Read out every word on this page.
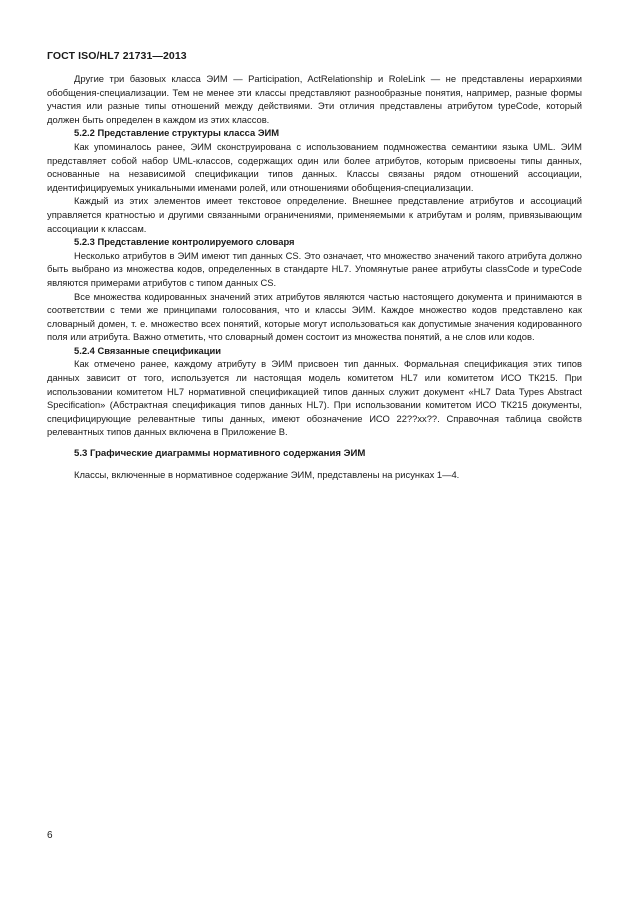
ГОСТ ISO/HL7 21731—2013

Другие три базовых класса ЭИМ — Participation, ActRelationship и RoleLink — не представлены иерархиями обобщения-специализации. Тем не менее эти классы представляют разнообразные понятия, например, разные формы участия или разные типы отношений между действиями. Эти отличия представлены атрибутом typeCode, который должен быть определен в каждом из этих классов.

5.2.2 Представление структуры класса ЭИМ

Как упоминалось ранее, ЭИМ сконструирована с использованием подмножества семантики языка UML. ЭИМ представляет собой набор UML-классов, содержащих один или более атрибутов, которым присвоены типы данных, основанные на независимой спецификации типов данных. Классы связаны рядом отношений ассоциации, идентифицируемых уникальными именами ролей, или отношениями обобщения-специализации.

Каждый из этих элементов имеет текстовое определение. Внешнее представление атрибутов и ассоциаций управляется кратностью и другими связанными ограничениями, применяемыми к атрибутам и ролям, привязывающим ассоциации к классам.

5.2.3 Представление контролируемого словаря

Несколько атрибутов в ЭИМ имеют тип данных CS. Это означает, что множество значений такого атрибута должно быть выбрано из множества кодов, определенных в стандарте HL7. Упомянутые ранее атрибуты classCode и typeCode являются примерами атрибутов с типом данных CS.

Все множества кодированных значений этих атрибутов являются частью настоящего документа и принимаются в соответствии с теми же принципами голосования, что и классы ЭИМ. Каждое множество кодов представлено как словарный домен, т. е. множество всех понятий, которые могут использоваться как допустимые значения кодированного поля или атрибута. Важно отметить, что словарный домен состоит из множества понятий, а не слов или кодов.

5.2.4 Связанные спецификации

Как отмечено ранее, каждому атрибуту в ЭИМ присвоен тип данных. Формальная спецификация этих типов данных зависит от того, используется ли настоящая модель комитетом HL7 или комитетом ИСО ТК215. При использовании комитетом HL7 нормативной спецификацией типов данных служит документ «HL7 Data Types Abstract Specification» (Абстрактная спецификация типов данных HL7). При использовании комитетом ИСО ТК215 документы, специфицирующие релевантные типы данных, имеют обозначение ИСО 22??xx??. Справочная таблица свойств релевантных типов данных включена в Приложение В.

5.3 Графические диаграммы нормативного содержания ЭИМ

Классы, включенные в нормативное содержание ЭИМ, представлены на рисунках 1—4.

6
